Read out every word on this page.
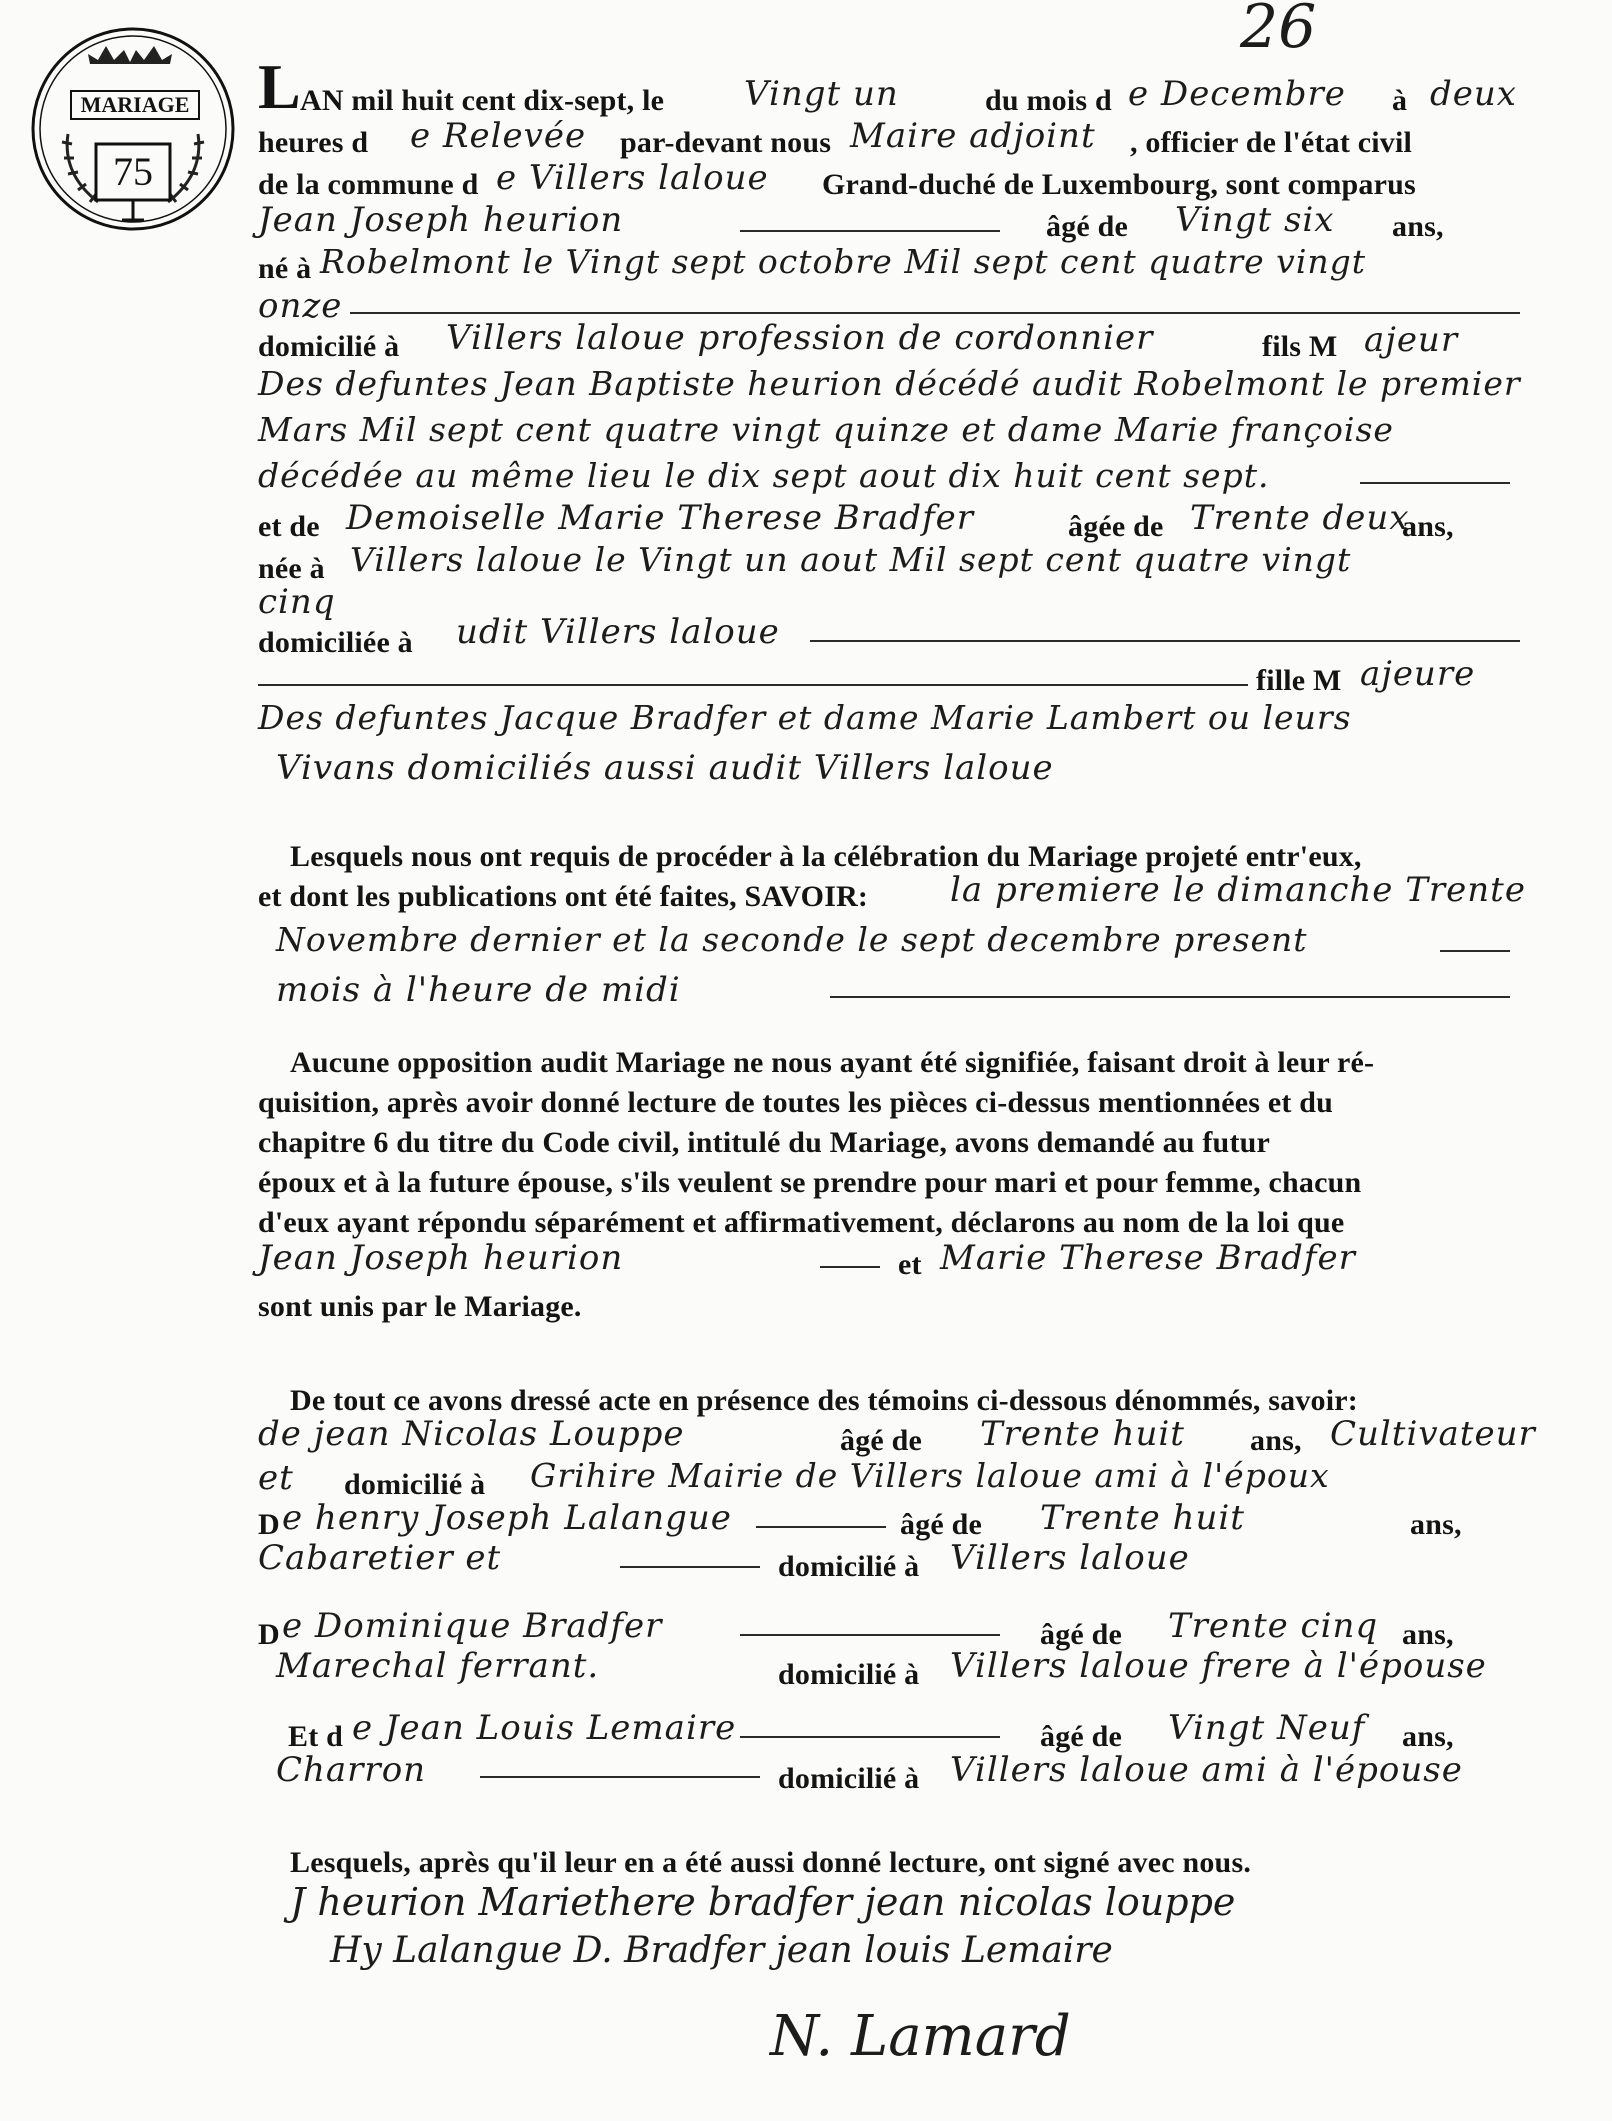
26
MARIAGE
75
L AN mil huit cent dix-sept, le Vingt un	du mois d e Decembre à deux
heures d e Relevée par-devant nous Maire adjoint , officier de l'état civil
de la commune d e Villers laloue Grand-duché de Luxembourg, sont comparus
Jean Joseph heurion	âgé de Vingt six ans,
né à Robelmont le Vingt sept octobre Mil sept cent quatre vingt
onze
domicilié à Villers laloue profession de cordonnier	fils M ajeur
Des defuntes Jean Baptiste heurion décédé audit Robelmont le premier
Mars Mil sept cent quatre vingt quinze et dame Marie françoise
décédée au même lieu le dix sept aout dix huit cent sept.
et de Demoiselle Marie Therese Bradfer	âgée de Trente deux
ans,
née à Villers laloue le Vingt un aout Mil sept cent quatre vingt
cinq
domiciliée à udit Villers laloue
fille M ajeure
Des defuntes Jacque Bradfer et dame Marie Lambert ou leurs
Vivans domiciliés aussi audit Villers laloue
Lesquels nous ont requis de procéder à la célébration du Mariage projeté entr'eux,
et dont les publications ont été faites, SAVOIR: la premiere le dimanche Trente
Novembre dernier et la seconde le sept decembre present
mois à l'heure de midi
Aucune opposition audit Mariage ne nous ayant été signifiée, faisant droit à leur ré-
quisition, après avoir donné lecture de toutes les pièces ci-dessus mentionnées et du
chapitre 6 du titre du Code civil, intitulé du Mariage, avons demandé au futur
époux et à la future épouse, s'ils veulent se prendre pour mari et pour femme, chacun
d'eux ayant répondu séparément et affirmativement, déclarons au nom de la loi que
Jean Joseph heurion	et Marie Therese Bradfer
sont unis par le Mariage.
De tout ce avons dressé acte en présence des témoins ci-dessous dénommés, savoir:
de jean Nicolas Louppe	âgé de Trente huit ans, Cultivateur
et domicilié à Grihire Mairie de Villers laloue ami à l'époux
D e henry Joseph Lalangue	âgé de Trente huit	ans,
Cabaretier et	domicilié à Villers laloue
D e Dominique Bradfer	âgé de Trente cinq ans,
Marechal ferrant.	domicilié à Villers laloue frere à l'épouse
Et d e Jean Louis Lemaire	âgé de Vingt Neuf ans,
Charron	domicilié à Villers laloue ami à l'épouse
Lesquels, après qu'il leur en a été aussi donné lecture, ont signé avec nous.
J heurion Mariethere bradfer jean nicolas louppe
Hy Lalangue D. Bradfer jean louis Lemaire
N. Lamard
